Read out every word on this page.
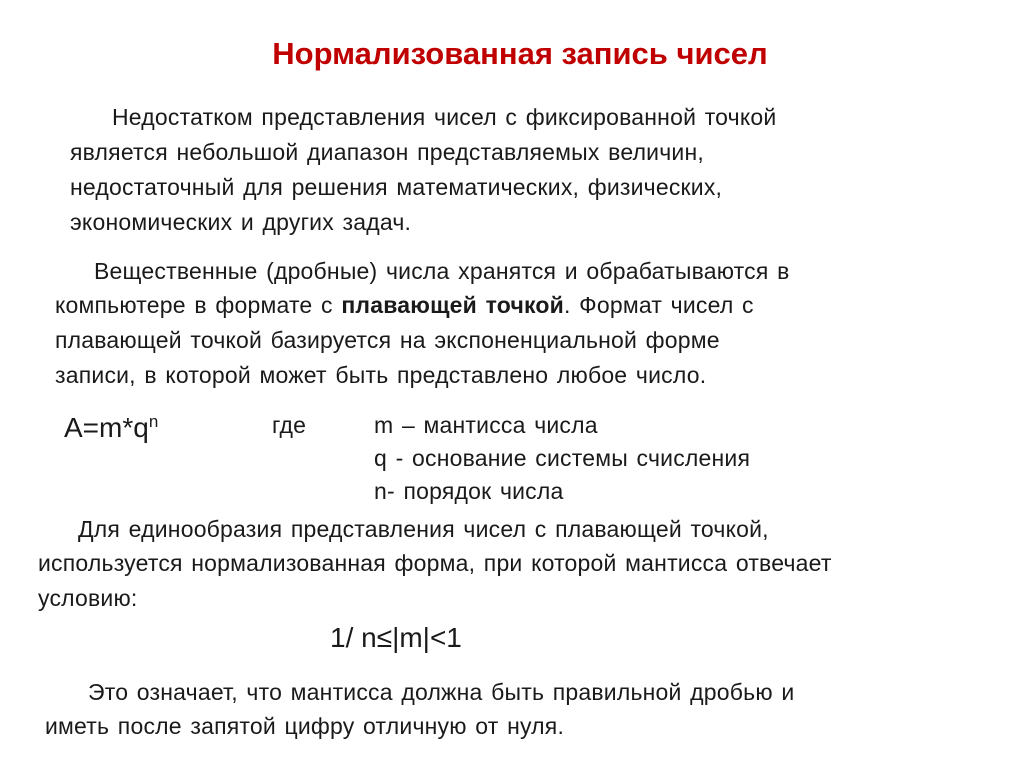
Нормализованная запись чисел
Недостатком представления чисел с фиксированной точкой
является небольшой диапазон представляемых величин,
недостаточный для решения математических, физических,
экономических и других задач.
Вещественные (дробные) числа хранятся и обрабатываются в
компьютере в формате с плавающей точкой. Формат чисел с
плавающей точкой базируется на экспоненциальной форме
записи, в которой может быть представлено любое число.
$A=m*q^n$	где	m – мантисса числа
q - основание системы счисления
n- порядок числа
Для единообразия представления чисел с плавающей точкой,
используется нормализованная форма, при которой мантисса отвечает
условию:
1/ n≤|m|<1
Это означает, что мантисса должна быть правильной дробью и
иметь после запятой цифру отличную от нуля.
